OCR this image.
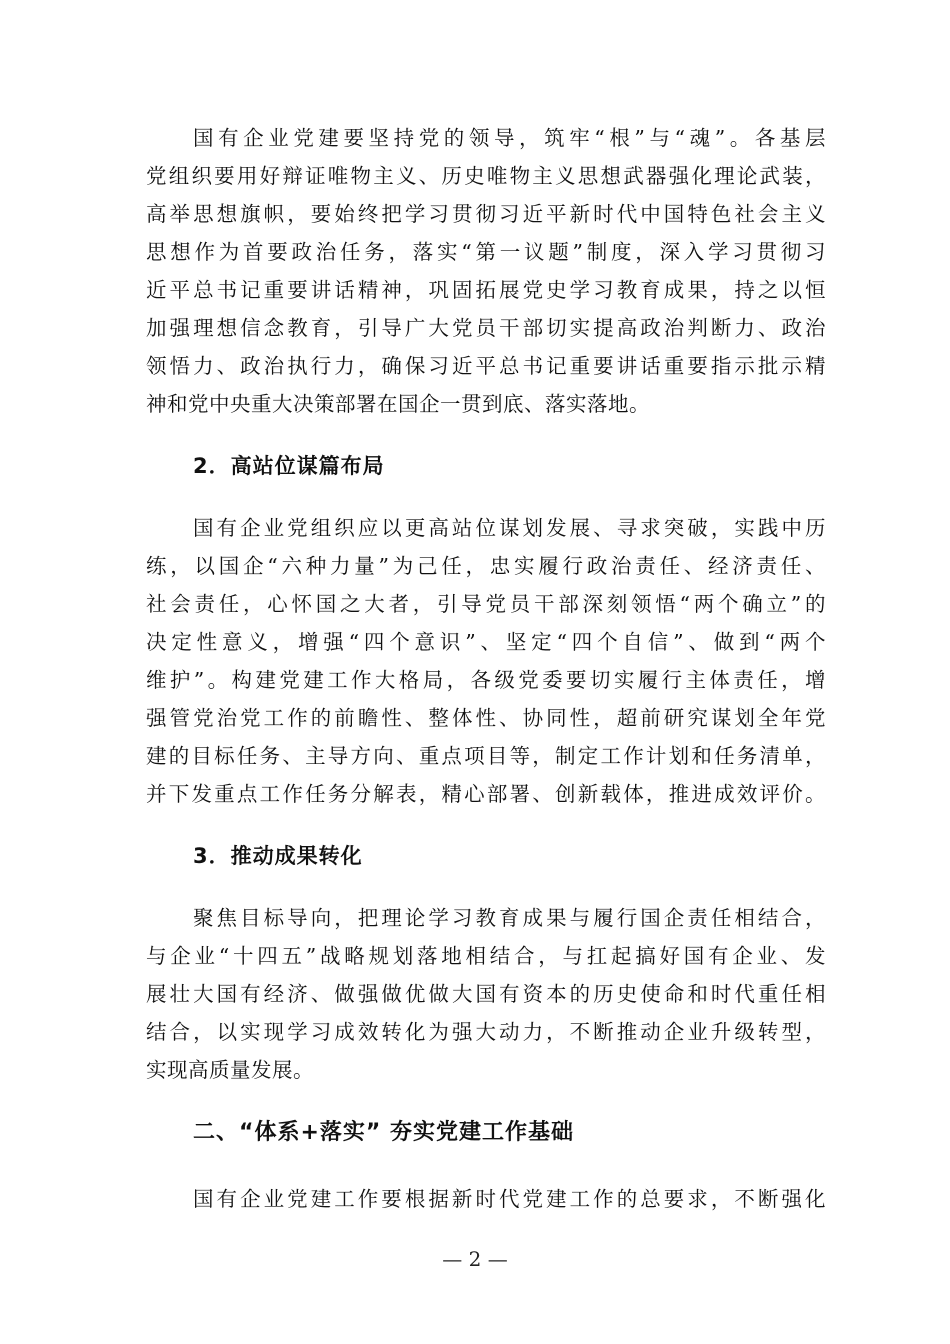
国有企业党建要坚持党的领导，筑牢“根”与“魂”。各基层
党组织要用好辩证唯物主义、历史唯物主义思想武器强化理论武装，
高举思想旗帜，要始终把学习贯彻习近平新时代中国特色社会主义
思想作为首要政治任务，落实“第一议题”制度，深入学习贯彻习
近平总书记重要讲话精神，巩固拓展党史学习教育成果，持之以恒
加强理想信念教育，引导广大党员干部切实提高政治判断力、政治
领悟力、政治执行力，确保习近平总书记重要讲话重要指示批示精
神和党中央重大决策部署在国企一贯到底、落实落地。
2．高站位谋篇布局
国有企业党组织应以更高站位谋划发展、寻求突破，实践中历
练，以国企“六种力量”为己任，忠实履行政治责任、经济责任、
社会责任，心怀国之大者，引导党员干部深刻领悟“两个确立”的
决定性意义，增强“四个意识”、坚定“四个自信”、做到“两个
维护”。构建党建工作大格局，各级党委要切实履行主体责任，增
强管党治党工作的前瞻性、整体性、协同性，超前研究谋划全年党
建的目标任务、主导方向、重点项目等，制定工作计划和任务清单，
并下发重点工作任务分解表，精心部署、创新载体，推进成效评价。
3．推动成果转化
聚焦目标导向，把理论学习教育成果与履行国企责任相结合，
与企业“十四五”战略规划落地相结合，与扛起搞好国有企业、发
展壮大国有经济、做强做优做大国有资本的历史使命和时代重任相
结合，以实现学习成效转化为强大动力，不断推动企业升级转型，
实现高质量发展。
二、“体系+落实” 夯实党建工作基础
国有企业党建工作要根据新时代党建工作的总要求，不断强化
— 2 —
